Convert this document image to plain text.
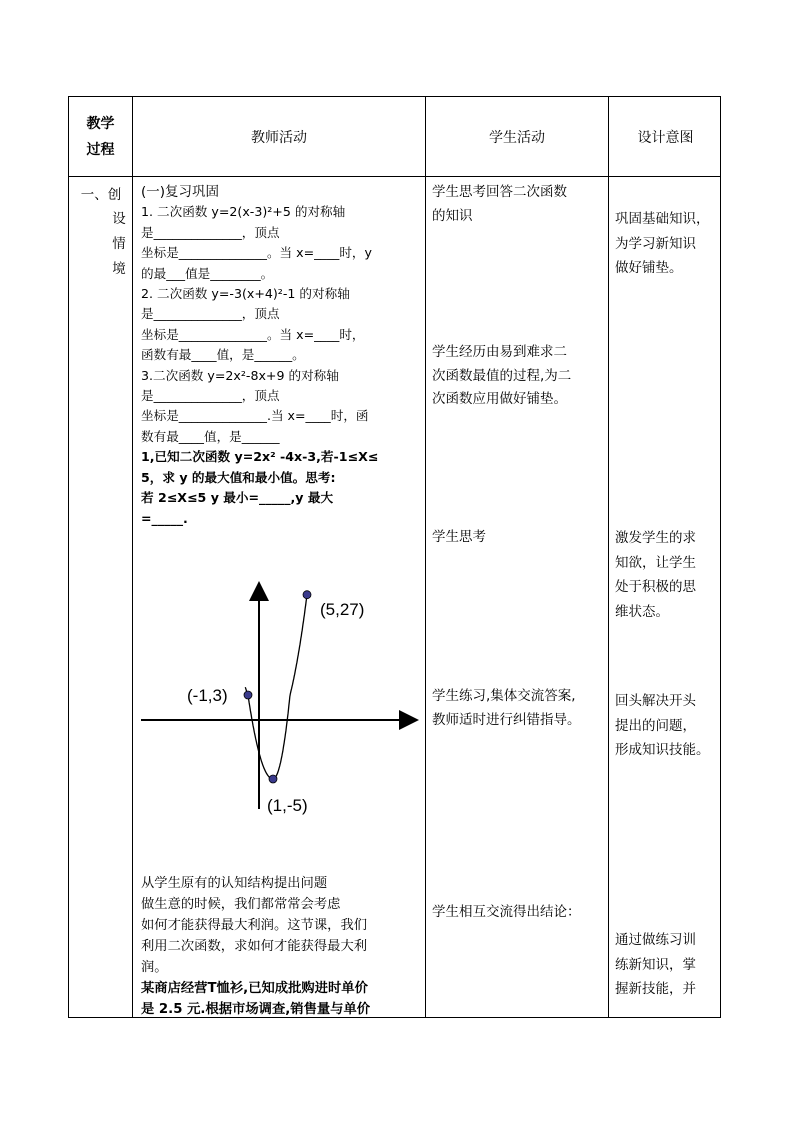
教学
过程
教师活动	学生活动	设计意图
一、创
设
情
境

(一)复习巩固

1. 二次函数 y=2(x-3)²+5 的对称轴

是______________，顶点

坐标是______________。当 x=____时，y

的最___值是________。

2. 二次函数 y=-3(x+4)²-1 的对称轴

是______________，顶点

坐标是______________。当 x=____时，

函数有最____值，是______。

3.二次函数 y=2x²-8x+9 的对称轴

是______________，顶点

坐标是______________.当 x=____时，函

数有最____值，是______

1,已知二次函数 y=2x² -4x-3,若-1≤X≤

5，求 y 的最大值和最小值。思考:

若 2≤X≤5 y 最小=_____,y 最大

=_____.

从学生原有的认知结构提出问题

做生意的时候，我们都常常会考虑

如何才能获得最大利润。这节课，我们

利用二次函数，求如何才能获得最大利

润。

某商店经营T恤衫,已知成批购进时单价

是 2.5 元.根据市场调查,销售量与单价

学生思考回答二次函数

的知识

学生经历由易到难求二

次函数最值的过程,为二

次函数应用做好铺垫。

学生思考

学生练习,集体交流答案,

教师适时进行纠错指导。

学生相互交流得出结论：

巩固基础知识，

为学习新知识

做好铺垫。

激发学生的求

知欲，让学生

处于积极的思

维状态。

回头解决开头

提出的问题，

形成知识技能。

通过做练习训

练新知识，掌

握新技能，并

(-1,3)
(1,-5)
(5,27)
